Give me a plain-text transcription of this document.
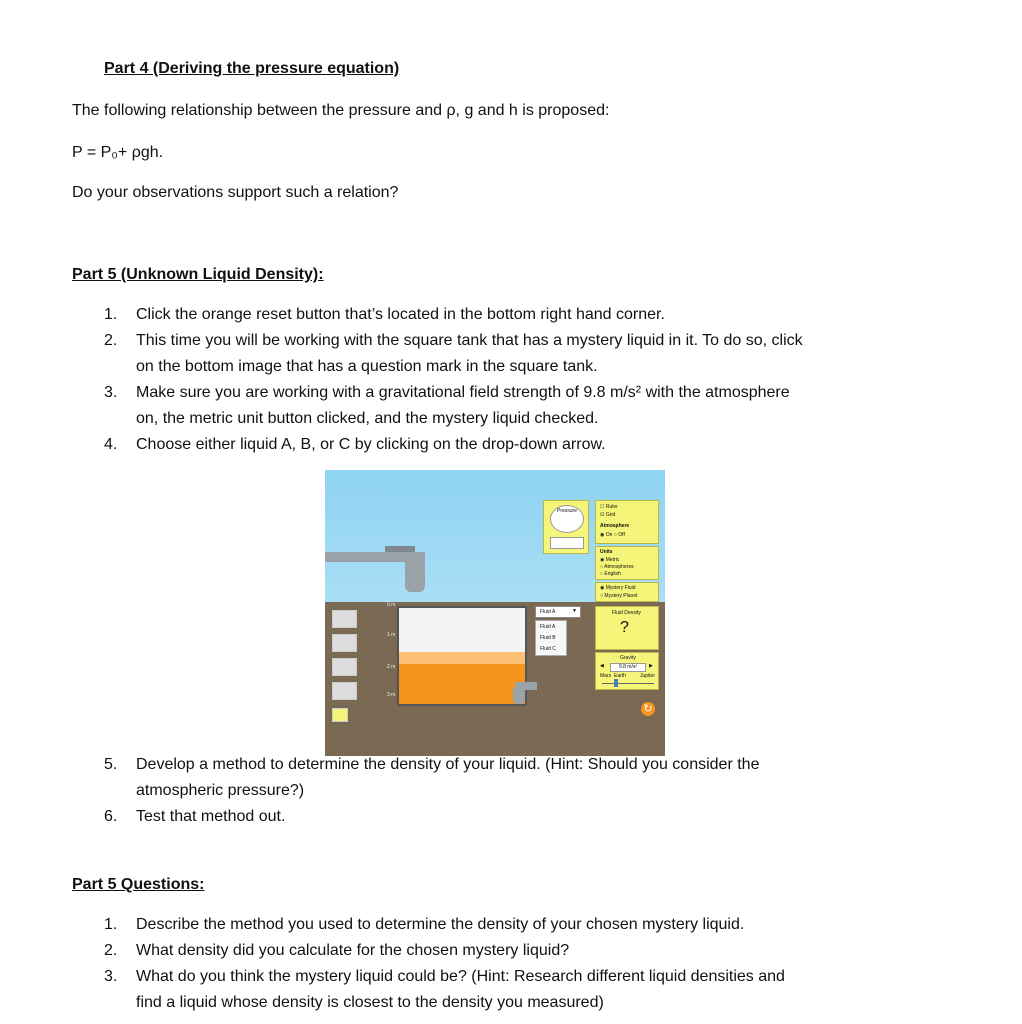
Part 4 (Deriving the pressure equation)
The following relationship between the pressure and ρ, g and h is proposed:
P = P₀+ ρgh.
Do your observations support such a relation?
Part 5 (Unknown Liquid Density):
1. Click the orange reset button that’s located in the bottom right hand corner.
2. This time you will be working with the square tank that has a mystery liquid in it. To do so, click
on the bottom image that has a question mark in the square tank.
3. Make sure you are working with a gravitational field strength of 9.8 m/s² with the atmosphere
on, the metric unit button clicked, and the mystery liquid checked.
4. Choose either liquid A, B, or C by clicking on the drop-down arrow.
0 m
1 m
2 m
3 m
Pressure
☐ Ruler
☑ Grid
Atmosphere
◉ On ○ Off
Units
◉ Metric
○ Atmospheres
○ English
◉ Mystery Fluid
○ Mystery Planet
Fluid A	▼
Fluid A
Fluid B
Fluid C
Fluid Density
?
Gravity
◀	9.8 m/s²	▶
Mars Earth	Jupiter
↻
5. Develop a method to determine the density of your liquid. (Hint: Should you consider the
atmospheric pressure?)
6. Test that method out.
Part 5 Questions:
1. Describe the method you used to determine the density of your chosen mystery liquid.
2. What density did you calculate for the chosen mystery liquid?
3. What do you think the mystery liquid could be? (Hint: Research different liquid densities and
find a liquid whose density is closest to the density you measured)
